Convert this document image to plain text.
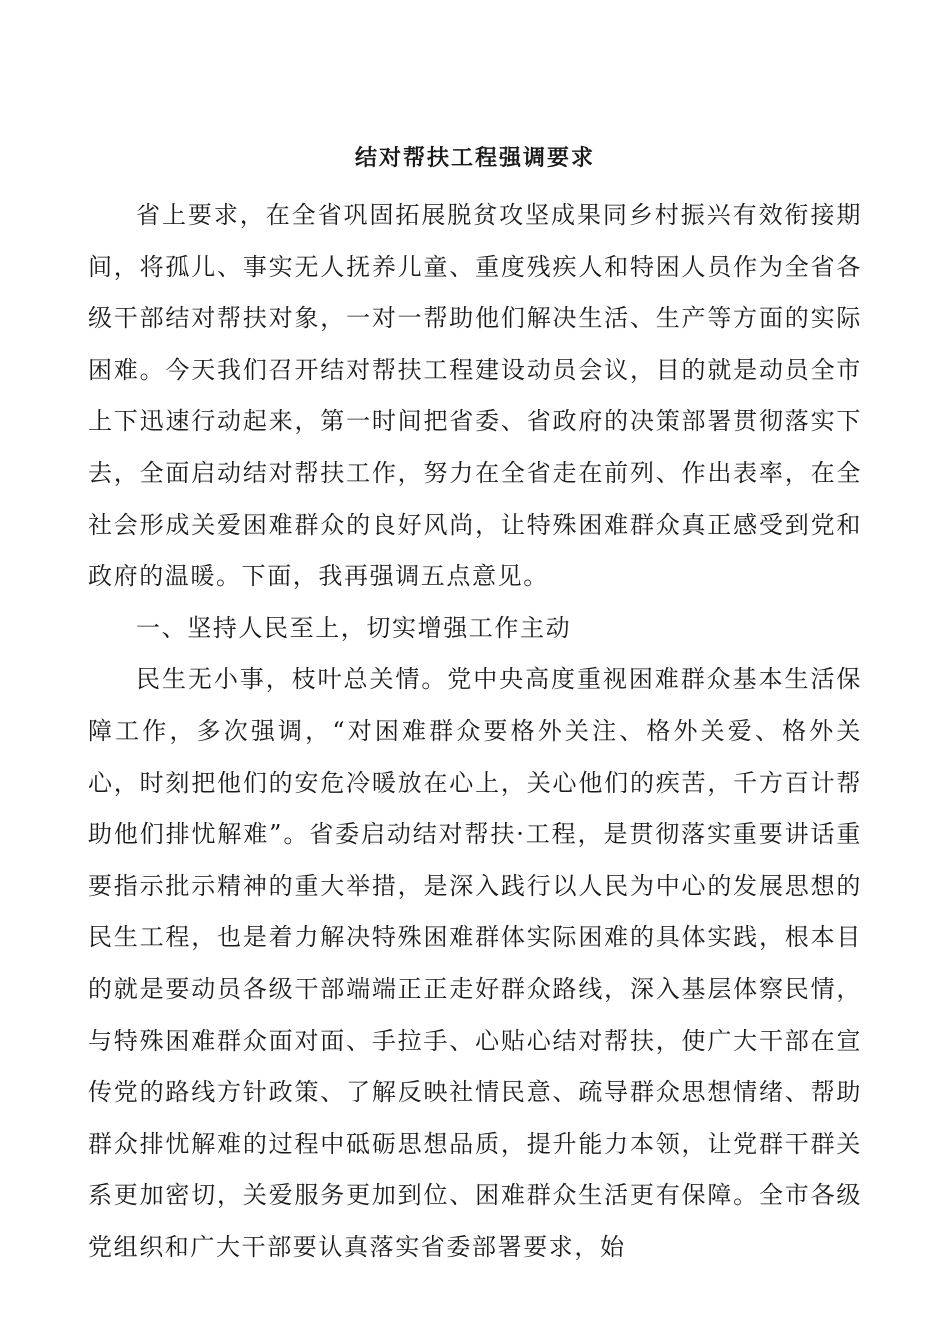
结对帮扶工程强调要求

省上要求，在全省巩固拓展脱贫攻坚成果同乡村振兴有效衔接期间，将孤儿、事实无人抚养儿童、重度残疾人和特困人员作为全省各级干部结对帮扶对象，一对一帮助他们解决生活、生产等方面的实际困难。今天我们召开结对帮扶工程建设动员会议，目的就是动员全市上下迅速行动起来，第一时间把省委、省政府的决策部署贯彻落实下去，全面启动结对帮扶工作，努力在全省走在前列、作出表率，在全社会形成关爱困难群众的良好风尚，让特殊困难群众真正感受到党和政府的温暖。下面，我再强调五点意见。

一、坚持人民至上，切实增强工作主动

民生无小事，枝叶总关情。党中央高度重视困难群众基本生活保障工作，多次强调，“对困难群众要格外关注、格外关爱、格外关心，时刻把他们的安危冷暖放在心上，关心他们的疾苦，千方百计帮助他们排忧解难”。省委启动结对帮扶·工程，是贯彻落实重要讲话重要指示批示精神的重大举措，是深入践行以人民为中心的发展思想的民生工程，也是着力解决特殊困难群体实际困难的具体实践，根本目的就是要动员各级干部端端正正走好群众路线，深入基层体察民情，与特殊困难群众面对面、手拉手、心贴心结对帮扶，使广大干部在宣传党的路线方针政策、了解反映社情民意、疏导群众思想情绪、帮助群众排忧解难的过程中砥砺思想品质，提升能力本领，让党群干群关系更加密切，关爱服务更加到位、困难群众生活更有保障。全市各级党组织和广大干部要认真落实省委部署要求，始
